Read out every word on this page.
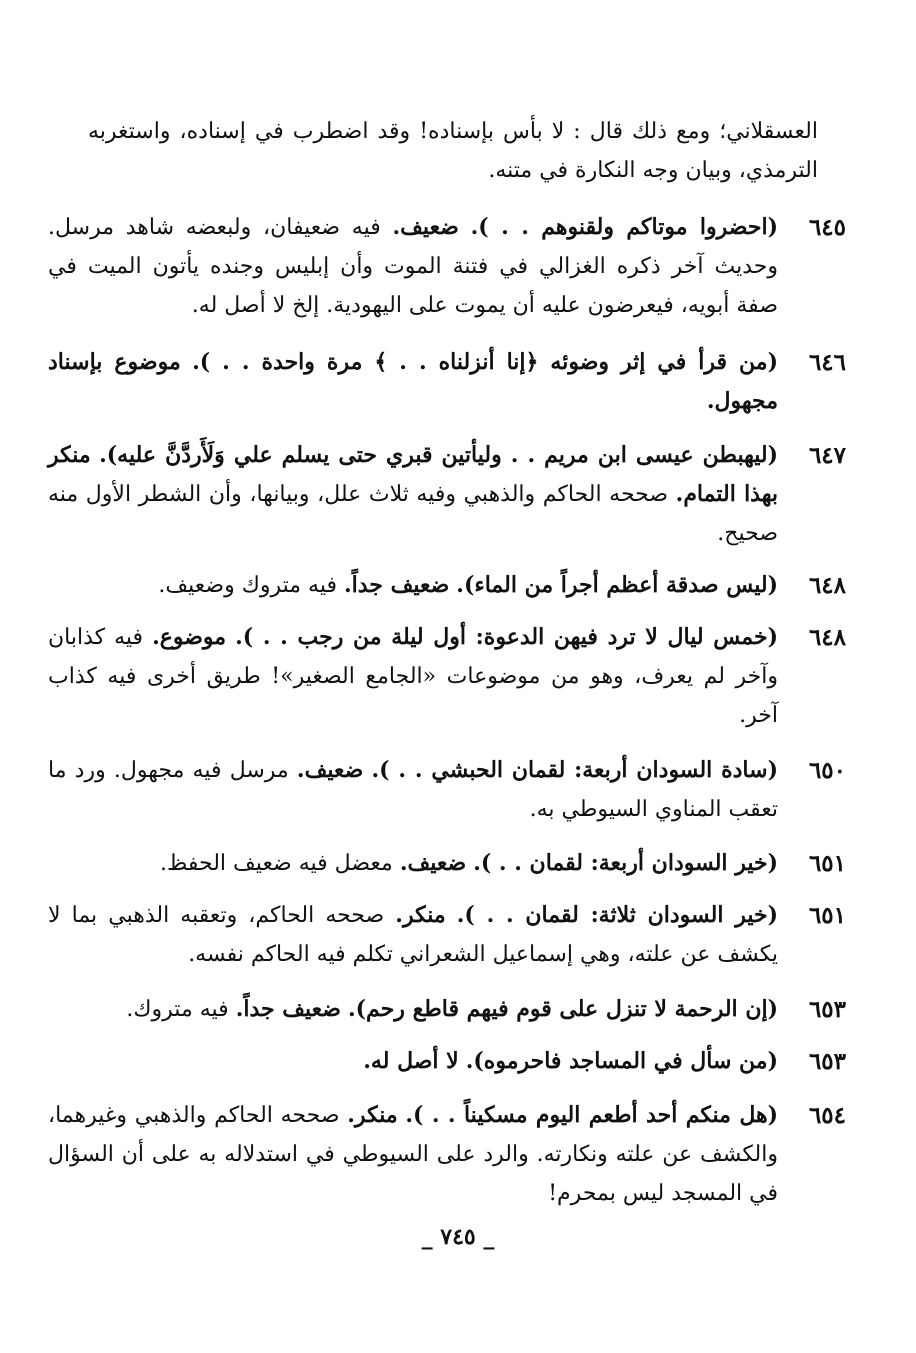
العسقلاني؛ ومع ذلك قال : لا بأس بإسناده! وقد اضطرب في إسناده، واستغربه الترمذي، وبيان وجه النكارة في متنه.
٦٤٥
(احضروا موتاكم ولقنوهم . . ). ضعيف. فيه ضعيفان، ولبعضه شاهد مرسل. وحديث آخر ذكره الغزالي في فتنة الموت وأن إبليس وجنده يأتون الميت في صفة أبويه، فيعرضون عليه أن يموت على اليهودية. إلخ لا أصل له.
٦٤٦
(من قرأ في إثر وضوئه ﴿إنا أنزلناه . . ﴾ مرة واحدة . . ). موضوع بإسناد مجهول.
٦٤٧
(ليهبطن عيسى ابن مريم . . وليأتين قبري حتى يسلم علي وَلَأَردَّنَّ عليه). منكر بهذا التمام. صححه الحاكم والذهبي وفيه ثلاث علل، وبيانها، وأن الشطر الأول منه صحيح.
٦٤٨
(ليس صدقة أعظم أجراً من الماء). ضعيف جداً. فيه متروك وضعيف.
٦٤٨
(خمس ليال لا ترد فيهن الدعوة: أول ليلة من رجب . . ). موضوع. فيه كذابان وآخر لم يعرف، وهو من موضوعات «الجامع الصغير»! طريق أخرى فيه كذاب آخر.
٦٥٠
(سادة السودان أربعة: لقمان الحبشي . . ). ضعيف. مرسل فيه مجهول. ورد ما تعقب المناوي السيوطي به.
٦٥١
(خير السودان أربعة: لقمان . . ). ضعيف. معضل فيه ضعيف الحفظ.
٦٥١
(خير السودان ثلاثة: لقمان . . ). منكر. صححه الحاكم، وتعقبه الذهبي بما لا يكشف عن علته، وهي إسماعيل الشعراني تكلم فيه الحاكم نفسه.
٦٥٣
(إن الرحمة لا تنزل على قوم فيهم قاطع رحم). ضعيف جداً. فيه متروك.
٦٥٣
(من سأل في المساجد فاحرموه). لا أصل له.
٦٥٤
(هل منكم أحد أطعم اليوم مسكيناً . . ). منكر. صححه الحاكم والذهبي وغيرهما، والكشف عن علته ونكارته. والرد على السيوطي في استدلاله به على أن السؤال في المسجد ليس بمحرم!
_ ٧٤٥ _
